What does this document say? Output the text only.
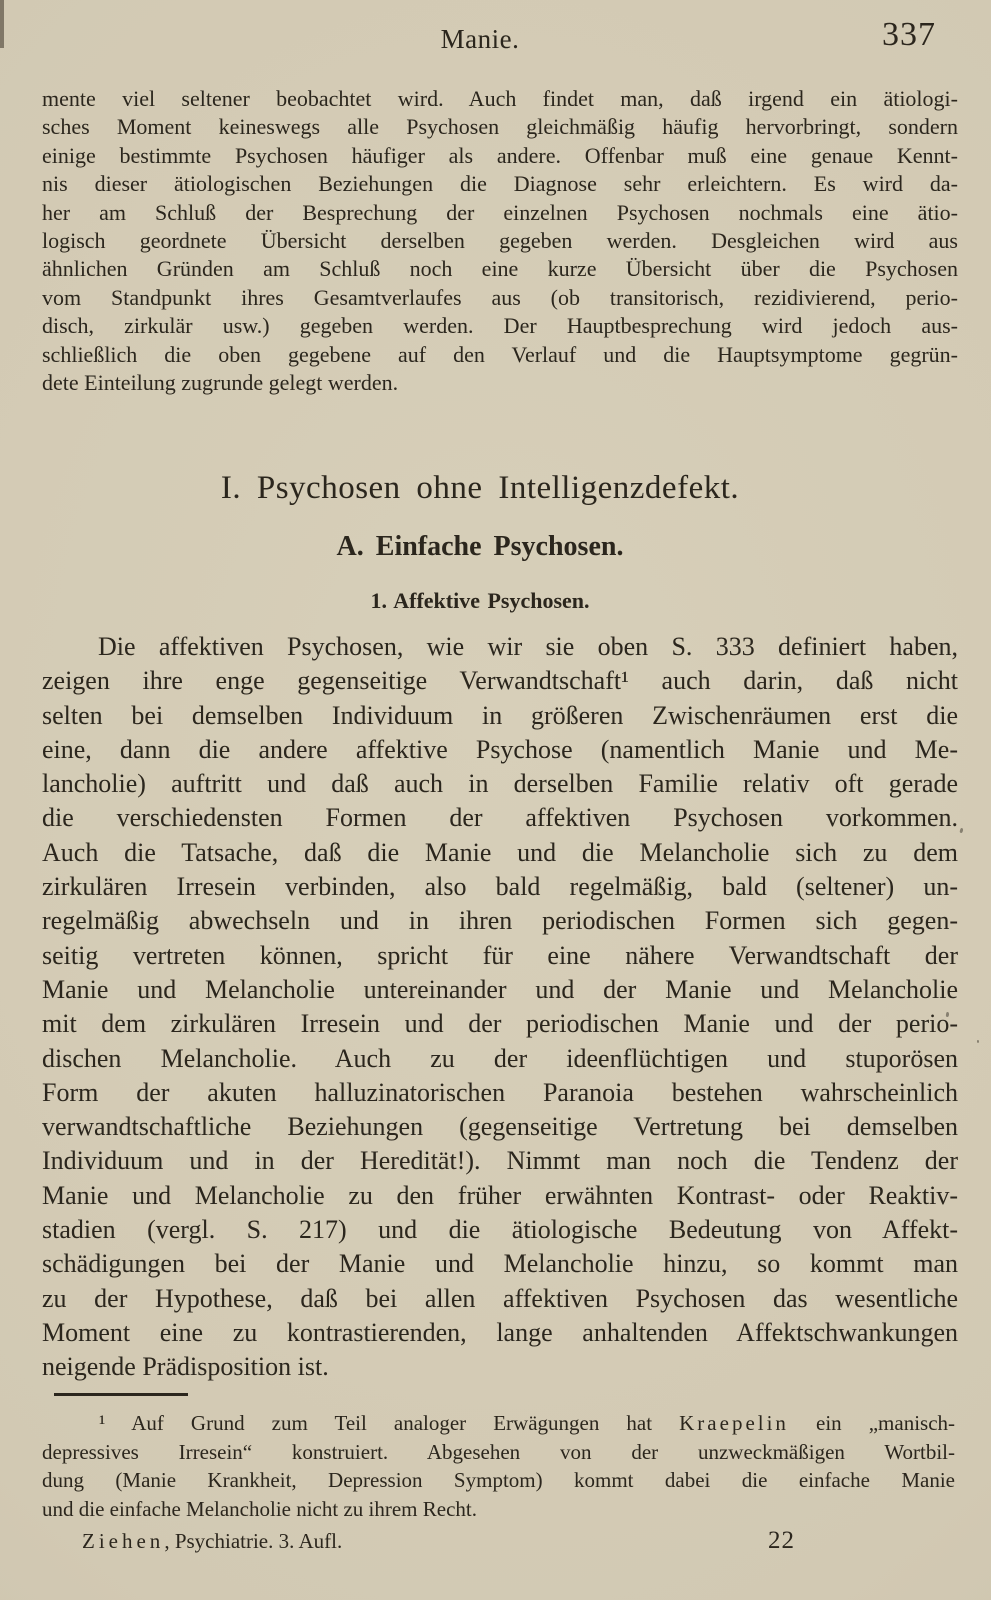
Manie.	337
mente viel seltener beobachtet wird. Auch findet man, daß irgend ein ätiologi-
sches Moment keineswegs alle Psychosen gleichmäßig häufig hervorbringt, sondern
einige bestimmte Psychosen häufiger als andere. Offenbar muß eine genaue Kennt-
nis dieser ätiologischen Beziehungen die Diagnose sehr erleichtern. Es wird da-
her am Schluß der Besprechung der einzelnen Psychosen nochmals eine ätio-
logisch geordnete Übersicht derselben gegeben werden. Desgleichen wird aus
ähnlichen Gründen am Schluß noch eine kurze Übersicht über die Psychosen
vom Standpunkt ihres Gesamtverlaufes aus (ob transitorisch, rezidivierend, perio-
disch, zirkulär usw.) gegeben werden. Der Hauptbesprechung wird jedoch aus-
schließlich die oben gegebene auf den Verlauf und die Hauptsymptome gegrün-
dete Einteilung zugrunde gelegt werden.
I. Psychosen ohne Intelligenzdefekt.
A. Einfache Psychosen.
1. Affektive Psychosen.
Die affektiven Psychosen, wie wir sie oben S. 333 definiert haben,
zeigen ihre enge gegenseitige Verwandtschaft¹ auch darin, daß nicht
selten bei demselben Individuum in größeren Zwischenräumen erst die
eine, dann die andere affektive Psychose (namentlich Manie und Me-
lancholie) auftritt und daß auch in derselben Familie relativ oft gerade
die verschiedensten Formen der affektiven Psychosen vorkommen.
Auch die Tatsache, daß die Manie und die Melancholie sich zu dem
zirkulären Irresein verbinden, also bald regelmäßig, bald (seltener) un-
regelmäßig abwechseln und in ihren periodischen Formen sich gegen-
seitig vertreten können, spricht für eine nähere Verwandtschaft der
Manie und Melancholie untereinander und der Manie und Melancholie
mit dem zirkulären Irresein und der periodischen Manie und der perio-
dischen Melancholie. Auch zu der ideenflüchtigen und stuporösen
Form der akuten halluzinatorischen Paranoia bestehen wahrscheinlich
verwandtschaftliche Beziehungen (gegenseitige Vertretung bei demselben
Individuum und in der Heredität!). Nimmt man noch die Tendenz der
Manie und Melancholie zu den früher erwähnten Kontrast- oder Reaktiv-
stadien (vergl. S. 217) und die ätiologische Bedeutung von Affekt-
schädigungen bei der Manie und Melancholie hinzu, so kommt man
zu der Hypothese, daß bei allen affektiven Psychosen das wesentliche
Moment eine zu kontrastierenden, lange anhaltenden Affektschwankungen
neigende Prädisposition ist.
¹ Auf Grund zum Teil analoger Erwägungen hat Kraepelin ein „manisch-
depressives Irresein“ konstruiert. Abgesehen von der unzweckmäßigen Wortbil-
dung (Manie Krankheit, Depression Symptom) kommt dabei die einfache Manie
und die einfache Melancholie nicht zu ihrem Recht.
Ziehen, Psychiatrie. 3. Aufl.	22
